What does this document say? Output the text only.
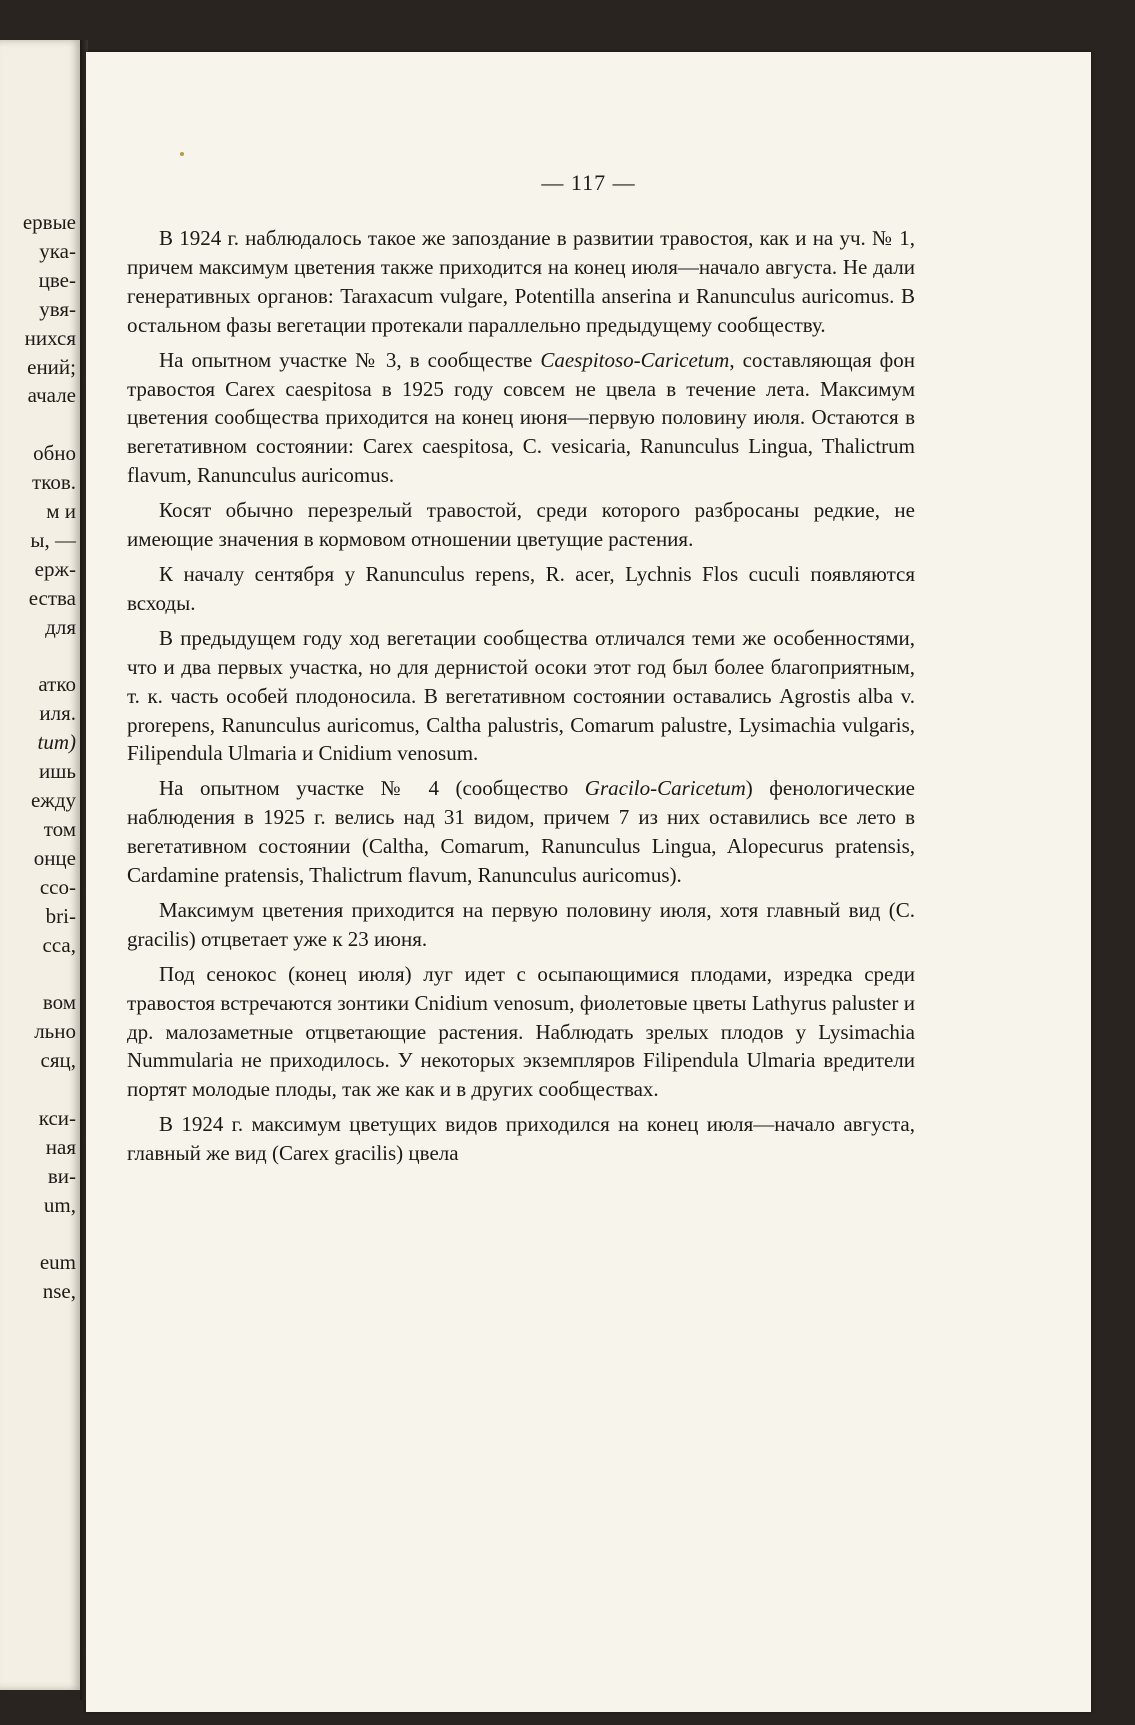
ервые
ука-
цве-
увя-
нихся
ений;
ачале
обно
тков.
м и
ы, —
ерж-
ества
для
атко
иля.
tum)
ишь
ежду
том
онце
ссо-
bri-
сса,
вом
льно
сяц,
кси-
ная
ви-
um,
eum
nse,
— 117 —

В 1924 г. наблюдалось такое же запоздание в развитии травостоя, как и на уч. № 1, причем максимум цветения также приходится на конец июля—начало августа. Не дали генеративных органов: Taraxacum vulgare, Potentilla anserina и Ranunculus auricomus. В остальном фазы вегетации протекали параллельно предыдущему сообществу.

На опытном участке № 3, в сообществе Caespitoso-Caricetum, составляющая фон травостоя Carex caespitosa в 1925 году совсем не цвела в течение лета. Максимум цветения сообщества приходится на конец июня—первую половину июля. Остаются в вегетативном состоянии: Carex caespitosa, C. vesicaria, Ranunculus Lingua, Thalictrum flavum, Ranunculus auricomus.

Косят обычно перезрелый травостой, среди которого разбросаны редкие, не имеющие значения в кормовом отношении цветущие растения.

К началу сентября у Ranunculus repens, R. acer, Lychnis Flos cuculi появляются всходы.

В предыдущем году ход вегетации сообщества отличался теми же особенностями, что и два первых участка, но для дернистой осоки этот год был более благоприятным, т. к. часть особей плодоносила. В вегетативном состоянии оставались Agrostis alba v. prorepens, Ranunculus auricomus, Caltha palustris, Comarum palustre, Lysimachia vulgaris, Filipendula Ulmaria и Cnidium venosum.

На опытном участке № 4 (сообщество Gracilo-Caricetum) фенологические наблюдения в 1925 г. велись над 31 видом, причем 7 из них оставились все лето в вегетативном состоянии (Caltha, Comarum, Ranunculus Lingua, Alopecurus pratensis, Cardamine pratensis, Thalictrum flavum, Ranunculus auricomus).

Максимум цветения приходится на первую половину июля, хотя главный вид (C. gracilis) отцветает уже к 23 июня.

Под сенокос (конец июля) луг идет с осыпающимися плодами, изредка среди травостоя встречаются зонтики Cnidium venosum, фиолетовые цветы Lathyrus paluster и др. малозаметные отцветающие растения. Наблюдать зрелых плодов у Lysimachia Nummularia не приходилось. У некоторых экземпляров Filipendula Ulmaria вредители портят молодые плоды, так же как и в других сообществах.

В 1924 г. максимум цветущих видов приходился на конец июля—начало августа, главный же вид (Carex gracilis) цвела
